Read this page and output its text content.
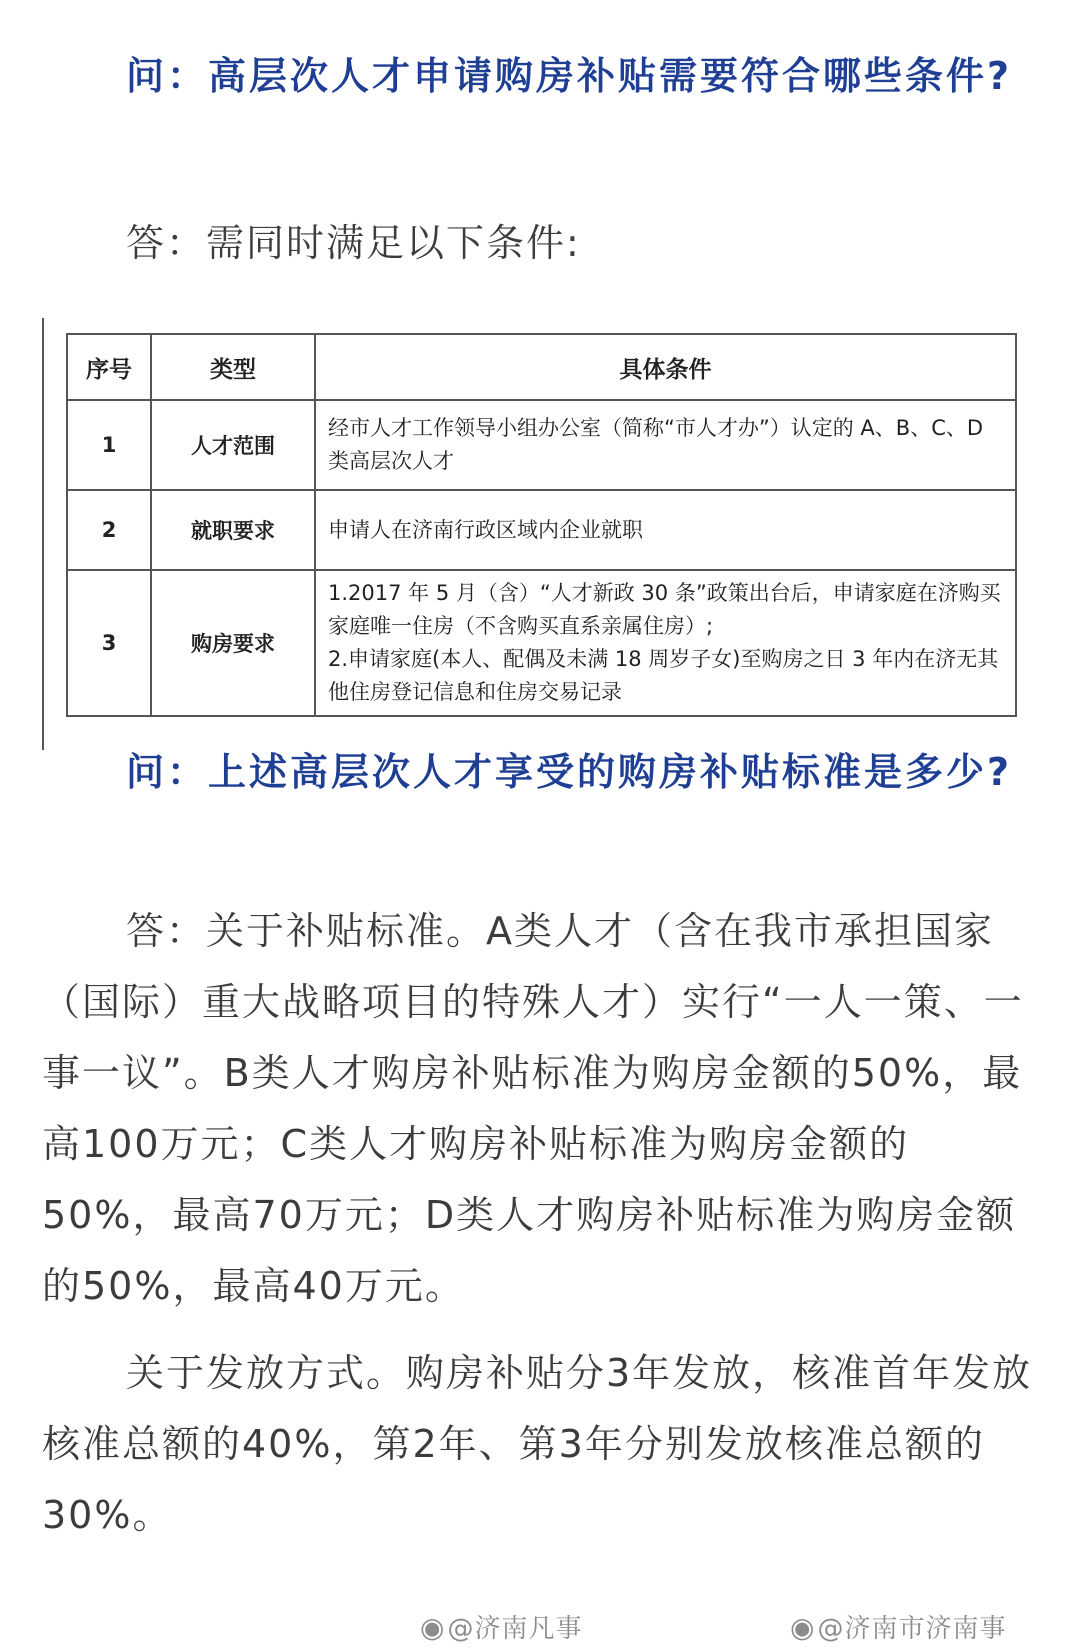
问：高层次人才申请购房补贴需要符合哪些条件?

答：需同时满足以下条件:

序号	类型	具体条件
1	人才范围	经市人才工作领导小组办公室（简称“市人才办”）认定的 A、B、C、D 类高层次人才

2	就职要求	申请人在济南行政区域内企业就职

3	购房要求	1.2017 年 5 月（含）“人才新政 30 条”政策出台后，申请家庭在济购买家庭唯一住房（不含购买直系亲属住房）;
2.申请家庭(本人、配偶及未满 18 周岁子女)至购房之日 3 年内在济无其他住房登记信息和住房交易记录

问：上述高层次人才享受的购房补贴标准是多少?

答：关于补贴标准。A类人才（含在我市承担国家（国际）重大战略项目的特殊人才）实行“一人一策、一事一议”。B类人才购房补贴标准为购房金额的50%，最高100万元；C类人才购房补贴标准为购房金额的50%，最高70万元；D类人才购房补贴标准为购房金额的50%，最高40万元。

关于发放方式。购房补贴分3年发放，核准首年发放核准总额的40%，第2年、第3年分别发放核准总额的30%。

◉@济南凡事	◉@济南市济南事
